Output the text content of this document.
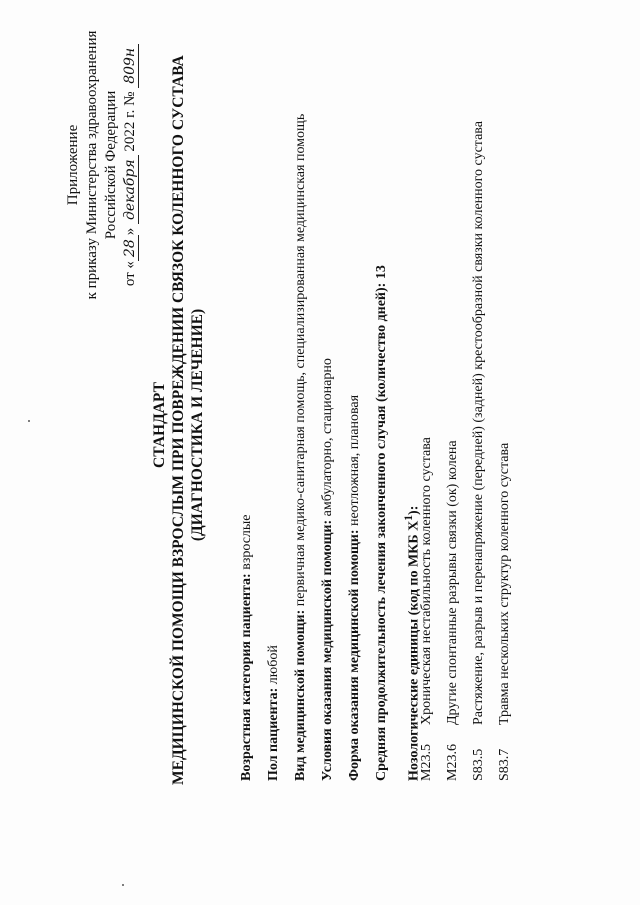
Приложение к приказу Министерства здравоохранения Российской Федерации
от «28» декабря 2022 г. № 809н
СТАНДАРТ МЕДИЦИНСКОЙ ПОМОЩИ ВЗРОСЛЫМ ПРИ ПОВРЕЖДЕНИИ СВЯЗОК КОЛЕННОГО СУСТАВА (ДИАГНОСТИКА И ЛЕЧЕНИЕ)
Возрастная категория пациента: взрослые
Пол пациента: любой Вид медицинской помощи: первичная медико-санитарная помощь, специализированная медицинская помощь
Условия оказания медицинской помощи: амбулаторно, стационарно
Форма оказания медицинской помощи: неотложная, плановая Средняя продолжительность лечения законченного случая (количество дней): 13
Нозологические единицы (код по МКБ $X^1$):
M23.5Хроническая нестабильность коленного сустава
M23.6Другие спонтанные разрывы связки (ок) колена
S83.5Растяжение, разрыв и перенапряжение (передней) (задней) крестообразной связки коленного сустава
S83.7Травма нескольких структур коленного сустава
